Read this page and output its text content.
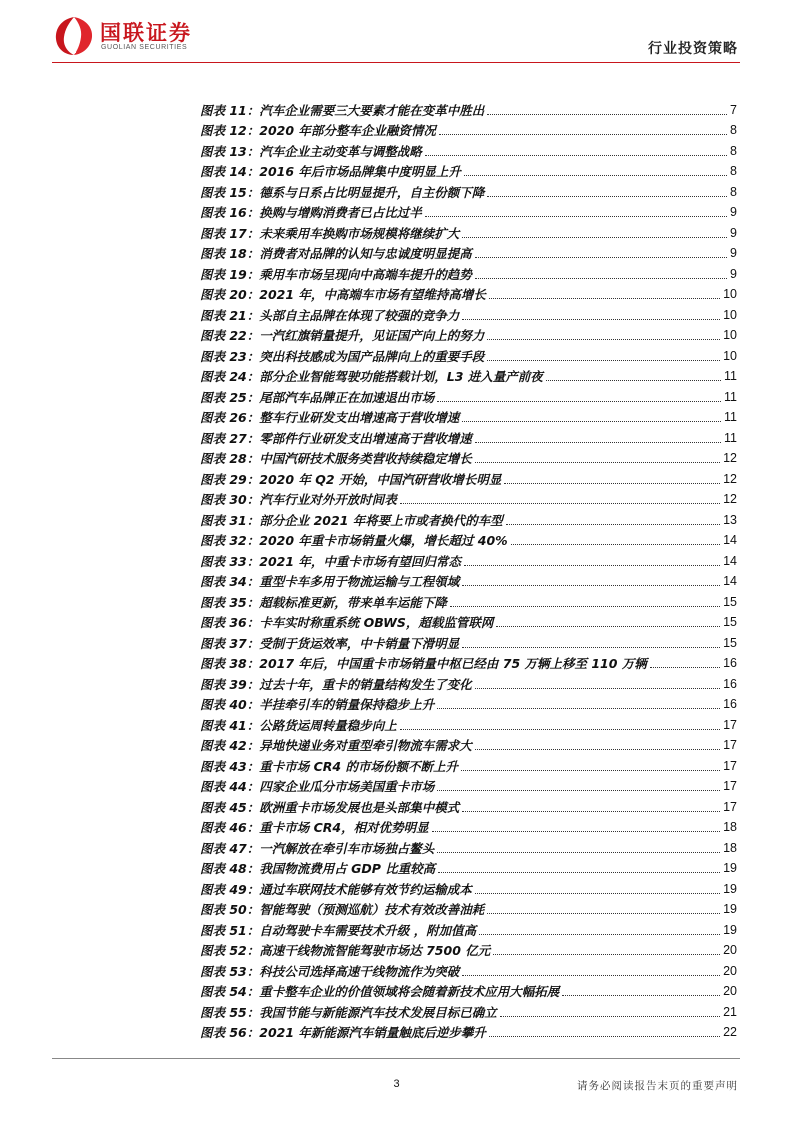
国联证券
GUOLIAN SECURITIES	行业投资策略
图表 11：汽车企业需要三大要素才能在变革中胜出	7
图表 12：2020 年部分整车企业融资情况	8
图表 13：汽车企业主动变革与调整战略	8
图表 14：2016 年后市场品牌集中度明显上升	8
图表 15：德系与日系占比明显提升，自主份额下降	8
图表 16：换购与增购消费者已占比过半	9
图表 17：未来乘用车换购市场规模将继续扩大	9
图表 18：消费者对品牌的认知与忠诚度明显提高	9
图表 19：乘用车市场呈现向中高端车提升的趋势	9
图表 20：2021 年，中高端车市场有望维持高增长	10
图表 21：头部自主品牌在体现了较强的竞争力	10
图表 22：一汽红旗销量提升，见证国产向上的努力	10
图表 23：突出科技感成为国产品牌向上的重要手段	10
图表 24：部分企业智能驾驶功能搭载计划，L3 进入量产前夜	11
图表 25：尾部汽车品牌正在加速退出市场	11
图表 26：整车行业研发支出增速高于营收增速	11
图表 27：零部件行业研发支出增速高于营收增速	11
图表 28：中国汽研技术服务类营收持续稳定增长	12
图表 29：2020 年 Q2 开始，中国汽研营收增长明显	12
图表 30：汽车行业对外开放时间表	12
图表 31：部分企业 2021 年将要上市或者换代的车型	13
图表 32：2020 年重卡市场销量火爆，增长超过 40%	14
图表 33：2021 年，中重卡市场有望回归常态	14
图表 34：重型卡车多用于物流运输与工程領域	14
图表 35：超载标准更新，带来单车运能下降	15
图表 36：卡车实时称重系统 OBWS，超载监管联网	15
图表 37：受制于货运效率，中卡销量下滑明显	15
图表 38：2017 年后，中国重卡市场销量中枢已经由 75 万辆上移至 110 万辆	16
图表 39：过去十年，重卡的销量结构发生了变化	16
图表 40：半挂牵引车的销量保持稳步上升	16
图表 41：公路货运周转量稳步向上	17
图表 42：异地快递业务对重型牵引物流车需求大	17
图表 43：重卡市场 CR4 的市场份额不断上升	17
图表 44：四家企业瓜分市场美国重卡市场	17
图表 45：欧洲重卡市场发展也是头部集中模式	17
图表 46：重卡市场 CR4，相对优势明显	18
图表 47：一汽解放在牵引车市场独占鳌头	18
图表 48：我国物流费用占 GDP 比重较高	19
图表 49：通过车联网技术能够有效节约运输成本	19
图表 50：智能驾驶（预测巡航）技术有效改善油耗	19
图表 51：自动驾驶卡车需要技术升级 ，附加值高	19
图表 52：高速干线物流智能驾驶市场达 7500 亿元	20
图表 53：科技公司选择高速干线物流作为突破	20
图表 54：重卡整车企业的价值领域将会随着新技术应用大幅拓展	20
图表 55：我国节能与新能源汽车技术发展目标已确立	21
图表 56：2021 年新能源汽车销量触底后逆步攀升	22
3	请务必阅读报告末页的重要声明
